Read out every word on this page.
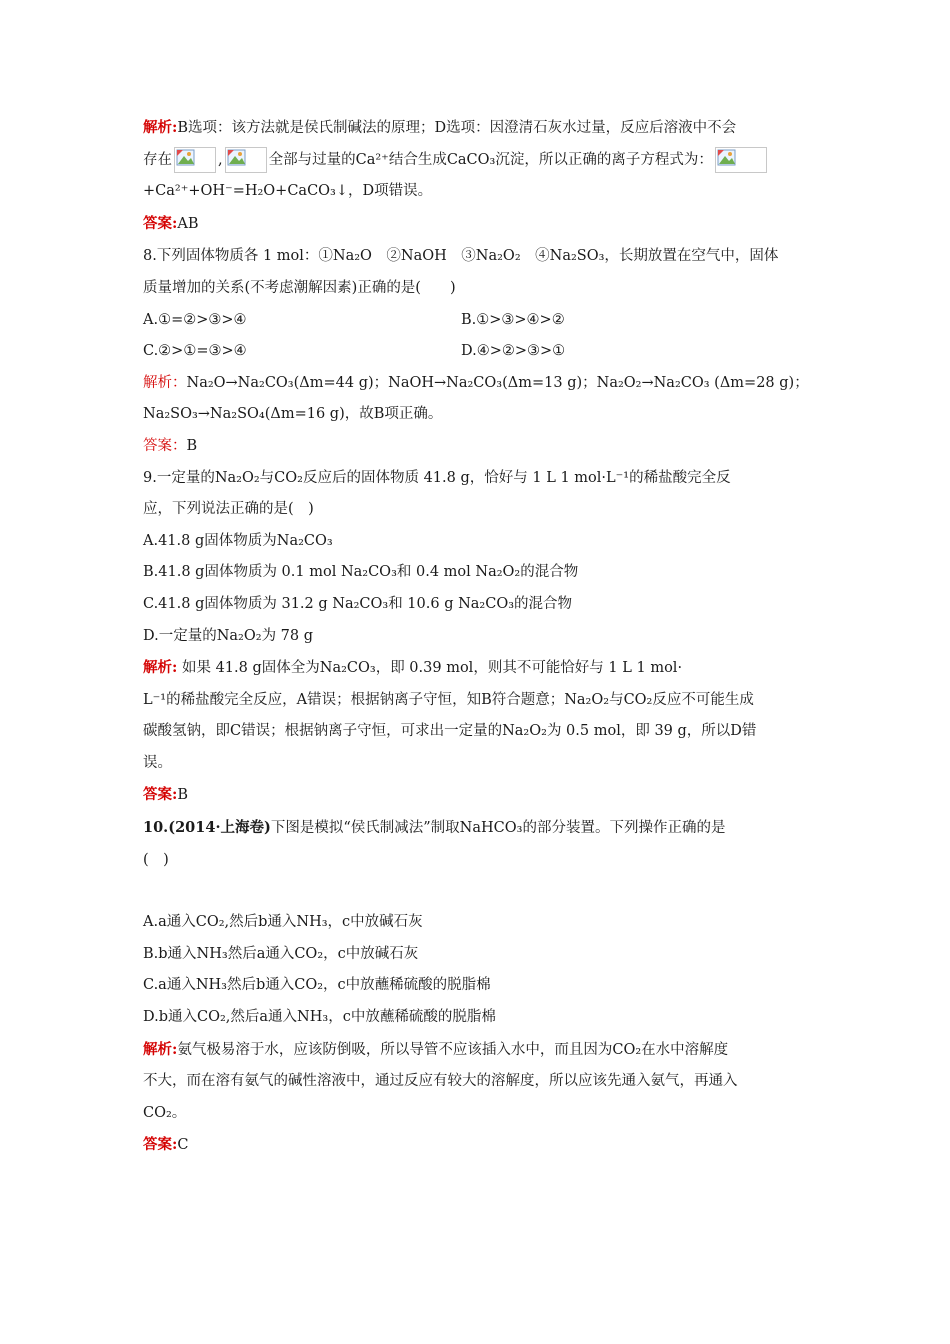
解析:B选项：该方法就是侯氏制碱法的原理；D选项：因澄清石灰水过量，反应后溶液中不会
存在	,	全部与过量的Ca²⁺结合生成CaCO₃沉淀，所以正确的离子方程式为：
+Ca²⁺+OH⁻=H₂O+CaCO₃↓，D项错误。
答案:AB
8.下列固体物质各 1 mol：①Na₂O　②NaOH　③Na₂O₂　④Na₂SO₃，长期放置在空气中，固体
质量增加的关系(不考虑潮解因素)正确的是(　　)
A.①=②>③>④	B.①>③>④>②
C.②>①=③>④	D.④>②>③>①
解析：Na₂O→Na₂CO₃(Δm=44 g)；NaOH→Na₂CO₃(Δm=13 g)；Na₂O₂→Na₂CO₃ (Δm=28 g)；
Na₂SO₃→Na₂SO₄(Δm=16 g)，故B项正确。
答案：B
9.一定量的Na₂O₂与CO₂反应后的固体物质 41.8 g，恰好与 1 L 1 mol·L⁻¹的稀盐酸完全反
应，下列说法正确的是(　)
A.41.8 g固体物质为Na₂CO₃
B.41.8 g固体物质为 0.1 mol Na₂CO₃和 0.4 mol Na₂O₂的混合物
C.41.8 g固体物质为 31.2 g Na₂CO₃和 10.6 g Na₂CO₃的混合物
D.一定量的Na₂O₂为 78 g
解析: 如果 41.8 g固体全为Na₂CO₃，即 0.39 mol，则其不可能恰好与 1 L 1 mol·
L⁻¹的稀盐酸完全反应，A错误；根据钠离子守恒，知B符合题意；Na₂O₂与CO₂反应不可能生成
碳酸氢钠，即C错误；根据钠离子守恒，可求出一定量的Na₂O₂为 0.5 mol，即 39 g，所以D错
误。
答案:B
10.(2014·上海卷)下图是模拟“侯氏制减法”制取NaHCO₃的部分装置。下列操作正确的是
(　)
A.a通入CO₂,然后b通入NH₃，c中放碱石灰
B.b通入NH₃然后a通入CO₂，c中放碱石灰
C.a通入NH₃然后b通入CO₂，c中放蘸稀硫酸的脱脂棉
D.b通入CO₂,然后a通入NH₃，c中放蘸稀硫酸的脱脂棉
解析:氨气极易溶于水，应该防倒吸，所以导管不应该插入水中，而且因为CO₂在水中溶解度
不大，而在溶有氨气的碱性溶液中，通过反应有较大的溶解度，所以应该先通入氨气，再通入
CO₂。
答案:C
